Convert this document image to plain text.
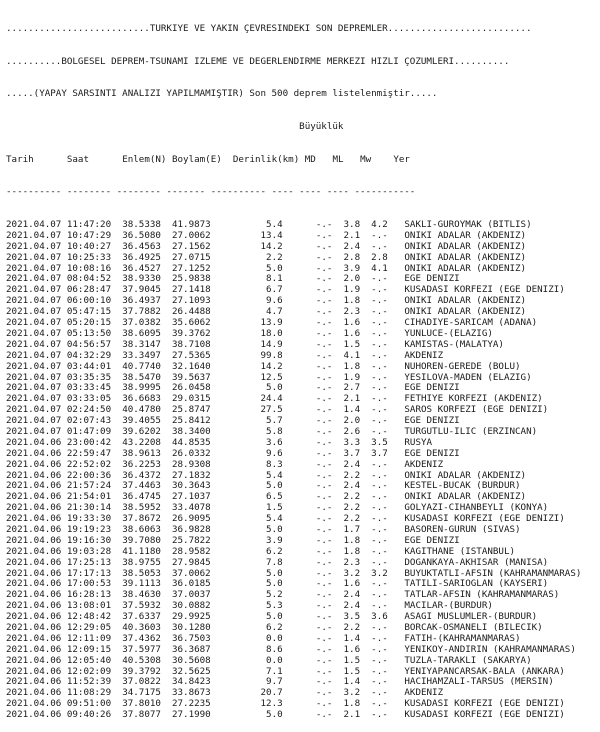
..........................TÜRKİYE VE YAKIN ÇEVRESİNDEKİ SON DEPREMLER..........................

..........BÖLGESEL DEPREM-TSUNAMİ İZLEME VE DEĞERLENDİRME MERKEZİ HIZLI ÇÖZÜMLERİ..........

.....(YAPAY SARSINTI ANALİZİ YAPILMAMIŞTIR) Son 500 deprem listelenmiştir.....

Büyüklük

Tarih      Saat      Enlem(N) Boylam(E)  Derinlik(km) MD   ML   Mw    Yer

---------- -------- -------- ------- ---------- ---- ---- ---- -----------

2021.04.07 11:47:20  38.5338  41.9873          5.4      -.-  3.8  4.2   SAKLI-GUROYMAK (BITLIS)
2021.04.07 10:47:29  36.5080  27.0062         13.4      -.-  2.1  -.-   ONIKI ADALAR (AKDENIZ)
2021.04.07 10:40:27  36.4563  27.1562         14.2      -.-  2.4  -.-   ONIKI ADALAR (AKDENIZ)
2021.04.07 10:25:33  36.4925  27.0715          2.2      -.-  2.8  2.8   ONIKI ADALAR (AKDENIZ)
2021.04.07 10:08:16  36.4527  27.1252          5.0      -.-  3.9  4.1   ONIKI ADALAR (AKDENIZ)
2021.04.07 08:04:52  38.9330  25.9838          8.1      -.-  2.0  -.-   EGE DENIZI
2021.04.07 06:28:47  37.9045  27.1418          6.7      -.-  1.9  -.-   KUSADASI KORFEZI (EGE DENIZI)
2021.04.07 06:00:10  36.4937  27.1093          9.6      -.-  1.8  -.-   ONIKI ADALAR (AKDENIZ)
2021.04.07 05:47:15  37.7882  26.4488          4.7      -.-  2.3  -.-   ONIKI ADALAR (AKDENIZ)
2021.04.07 05:20:15  37.0382  35.6062         13.9      -.-  1.6  -.-   CIHADIYE-SARICAM (ADANA)
2021.04.07 05:13:50  38.6095  39.3762         18.0      -.-  1.6  -.-   YUNLUCE-(ELAZIG)
2021.04.07 04:56:57  38.3147  38.7108         14.9      -.-  1.5  -.-   KAMISTAS-(MALATYA)
2021.04.07 04:32:29  33.3497  27.5365         99.8      -.-  4.1  -.-   AKDENIZ
2021.04.07 03:44:01  40.7740  32.1640         14.2      -.-  1.8  -.-   NUHOREN-GEREDE (BOLU)
2021.04.07 03:35:35  38.5470  39.5637         12.5      -.-  1.9  -.-   YESILOVA-MADEN (ELAZIG)
2021.04.07 03:33:45  38.9995  26.0458          5.0      -.-  2.7  -.-   EGE DENIZI
2021.04.07 03:33:05  36.6683  29.0315         24.4      -.-  2.1  -.-   FETHIYE KORFEZI (AKDENIZ)
2021.04.07 02:24:50  40.4780  25.8747         27.5      -.-  1.4  -.-   SAROS KORFEZI (EGE DENIZI)
2021.04.07 02:07:43  39.4055  25.8412          5.7      -.-  2.0  -.-   EGE DENIZI
2021.04.07 01:47:09  39.6202  38.3400          5.8      -.-  2.6  -.-   TURGUTLU-ILIC (ERZINCAN)
2021.04.06 23:00:42  43.2208  44.8535          3.6      -.-  3.3  3.5   RUSYA
2021.04.06 22:59:47  38.9613  26.0332          9.6      -.-  3.7  3.7   EGE DENIZI
2021.04.06 22:52:02  36.2253  28.9308          8.3      -.-  2.4  -.-   AKDENIZ
2021.04.06 22:00:36  36.4372  27.1832          5.4      -.-  2.2  -.-   ONIKI ADALAR (AKDENIZ)
2021.04.06 21:57:24  37.4463  30.3643          5.0      -.-  2.4  -.-   KESTEL-BUCAK (BURDUR)
2021.04.06 21:54:01  36.4745  27.1037          6.5      -.-  2.2  -.-   ONIKI ADALAR (AKDENIZ)
2021.04.06 21:30:14  38.5952  33.4078          1.5      -.-  2.2  -.-   GOLYAZI-CIHANBEYLI (KONYA)
2021.04.06 19:33:30  37.8672  26.9095          5.4      -.-  2.2  -.-   KUSADASI KORFEZI (EGE DENIZI)
2021.04.06 19:19:23  38.6063  36.9828          5.0      -.-  1.7  -.-   BASOREN-GURUN (SIVAS)
2021.04.06 19:16:30  39.7080  25.7822          3.9      -.-  1.8  -.-   EGE DENIZI
2021.04.06 19:03:28  41.1180  28.9582          6.2      -.-  1.8  -.-   KAGITHANE (ISTANBUL)
2021.04.06 17:25:13  38.9755  27.9845          7.8      -.-  2.3  -.-   DOGANKAYA-AKHISAR (MANISA)
2021.04.06 17:17:13  38.5053  37.0062          5.0      -.-  3.2  3.2   BUYUKTATLI-AFSIN (KAHRAMANMARAS)
2021.04.06 17:00:53  39.1113  36.0185          5.0      -.-  1.6  -.-   TATILI-SARIOGLAN (KAYSERI)
2021.04.06 16:28:13  38.4630  37.0037          5.2      -.-  2.4  -.-   TATLAR-AFSIN (KAHRAMANMARAS)
2021.04.06 13:08:01  37.5932  30.0882          5.3      -.-  2.4  -.-   MACILAR-(BURDUR)
2021.04.06 12:48:42  37.6337  29.9925          5.0      -.-  3.5  3.6   ASAGI MUSLUMLER-(BURDUR)
2021.04.06 12:29:05  40.3603  30.1280          6.2      -.-  2.2  -.-   BORCAK-OSMANELI (BILECIK)
2021.04.06 12:11:09  37.4362  36.7503          0.0      -.-  1.4  -.-   FATIH-(KAHRAMANMARAS)
2021.04.06 12:09:15  37.5977  36.3687          8.6      -.-  1.6  -.-   YENIKOY-ANDIRIN (KAHRAMANMARAS)
2021.04.06 12:05:40  40.5308  30.5608          0.0      -.-  1.5  -.-   TUZLA-TARAKLI (SAKARYA)
2021.04.06 12:02:09  39.3792  32.5625          7.1      -.-  1.5  -.-   YENIYAPANCARSAK-BALA (ANKARA)
2021.04.06 11:52:39  37.0822  34.8423          9.7      -.-  1.4  -.-   HACIHAMZALI-TARSUS (MERSIN)
2021.04.06 11:08:29  34.7175  33.8673         20.7      -.-  3.2  -.-   AKDENIZ
2021.04.06 09:51:00  37.8010  27.2235         12.3      -.-  1.8  -.-   KUSADASI KORFEZI (EGE DENIZI)
2021.04.06 09:40:26  37.8077  27.1990          5.0      -.-  2.1  -.-   KUSADASI KORFEZI (EGE DENIZI)
